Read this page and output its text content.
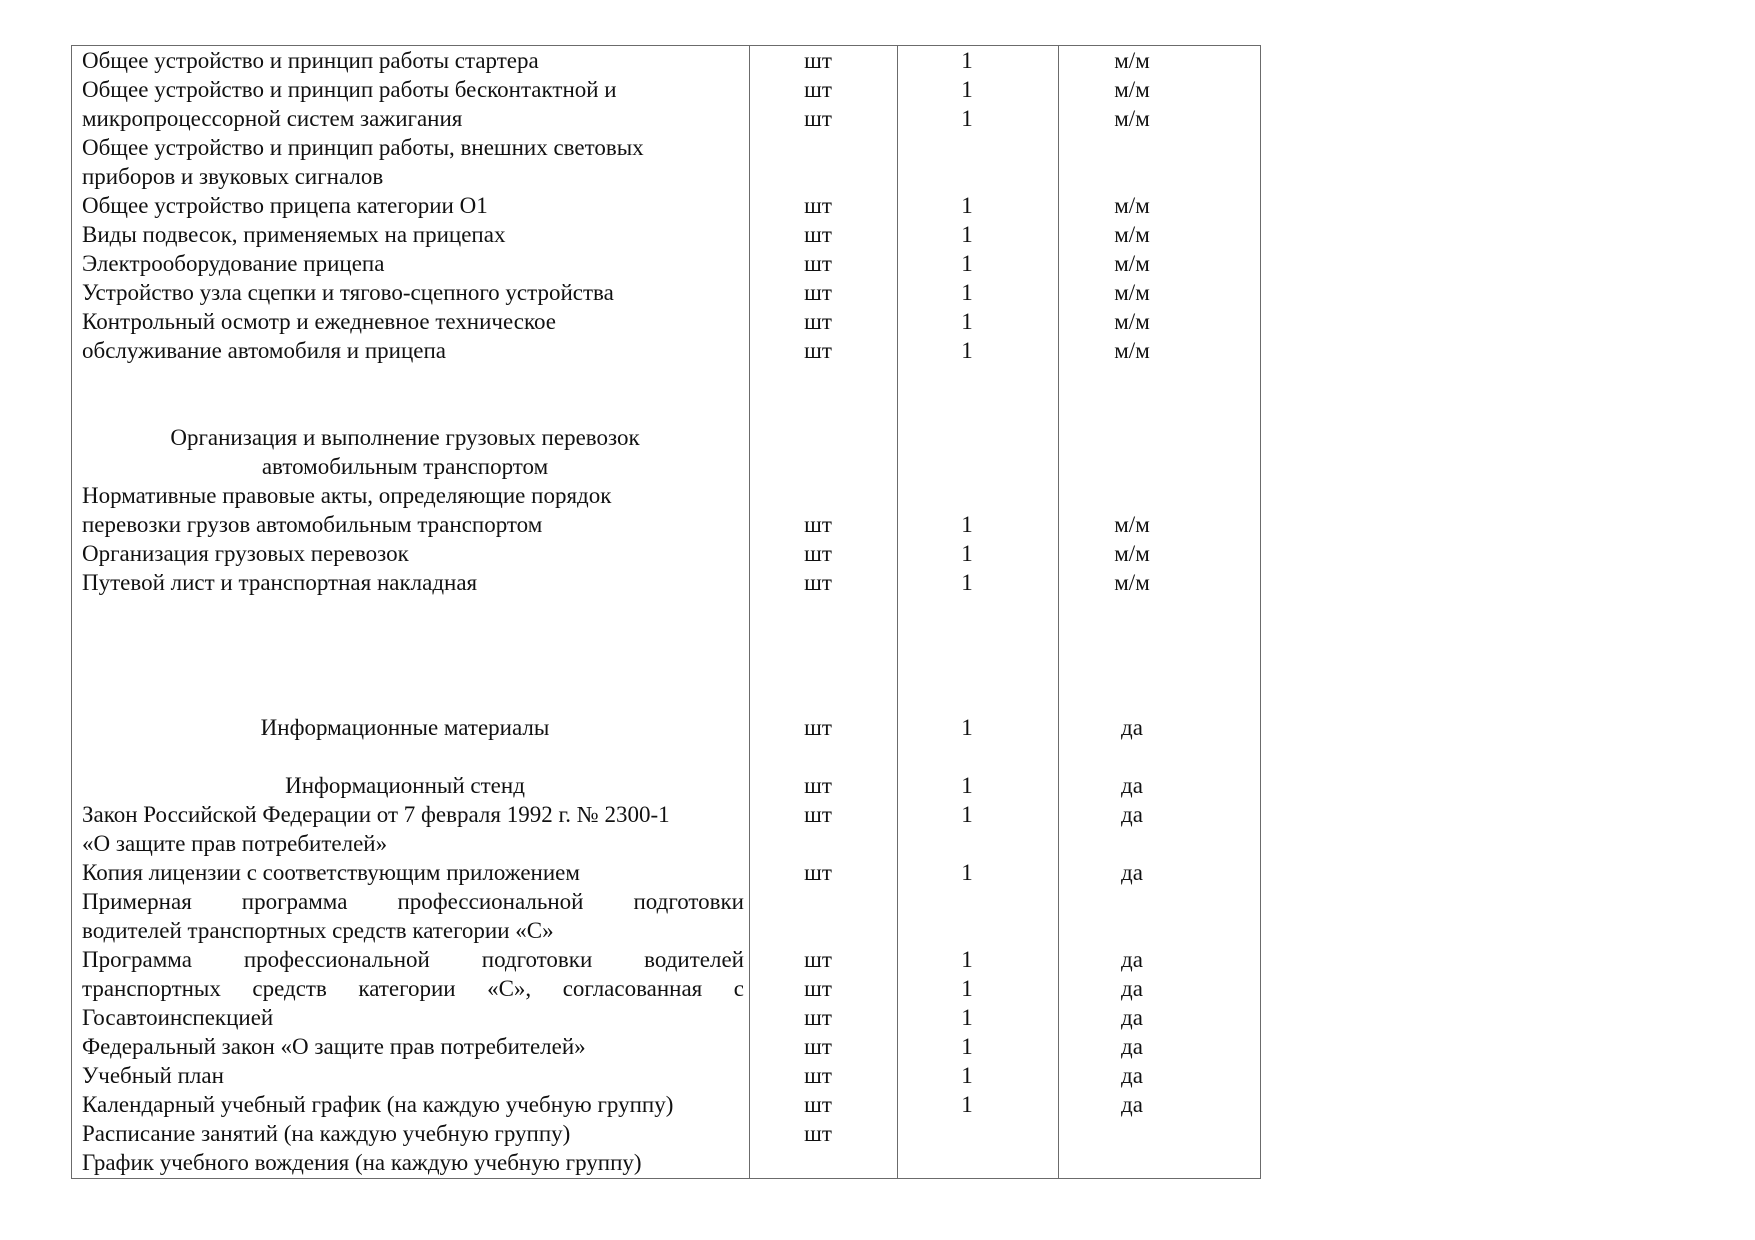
Общее устройство и принцип работы стартера	шт	1	м/м
Общее устройство и принцип работы бесконтактной и	шт	1	м/м
микропроцессорной систем зажигания	шт	1	м/м
Общее устройство и принцип работы, внешних световых
приборов и звуковых сигналов
Общее устройство прицепа категории О1	шт	1	м/м
Виды подвесок, применяемых на прицепах	шт	1	м/м
Электрооборудование прицепа	шт	1	м/м
Устройство узла сцепки и тягово-сцепного устройства	шт	1	м/м
Контрольный осмотр и ежедневное техническое	шт	1	м/м
обслуживание автомобиля и прицепа	шт	1	м/м
Организация и выполнение грузовых перевозок
автомобильным транспортом
Нормативные правовые акты, определяющие порядок
перевозки грузов автомобильным транспортом	шт	1	м/м
Организация грузовых перевозок	шт	1	м/м
Путевой лист и транспортная накладная	шт	1	м/м
Информационные материалы	шт	1	да
Информационный стенд	шт	1	да
Закон Российской Федерации от 7 февраля 1992 г. № 2300-1	шт	1	да
«О защите прав потребителей»
Копия лицензии с соответствующим приложением	шт	1	да
Примерная программа профессиональной подготовки
водителей транспортных средств категории «С»
Программа профессиональной подготовки водителей	шт	1	да
транспортных средств категории «С», согласованная с	шт	1	да
Госавтоинспекцией	шт	1	да
Федеральный закон «О защите прав потребителей»	шт	1	да
Учебный план	шт	1	да
Календарный учебный график (на каждую учебную группу)	шт	1	да
Расписание занятий (на каждую учебную группу)	шт
График учебного вождения (на каждую учебную группу)
